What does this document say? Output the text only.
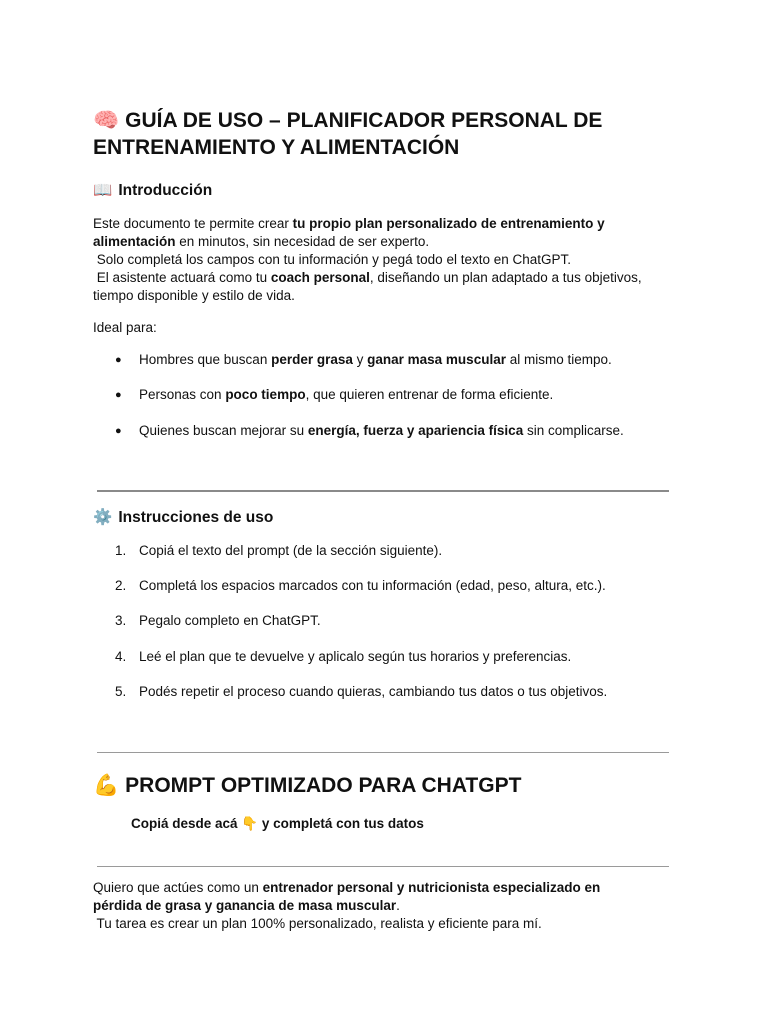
🧠 GUÍA DE USO – PLANIFICADOR PERSONAL DE
ENTRENAMIENTO Y ALIMENTACIÓN
📖 Introducción
Este documento te permite crear tu propio plan personalizado de entrenamiento y
alimentación en minutos, sin necesidad de ser experto.
Solo completá los campos con tu información y pegá todo el texto en ChatGPT.
El asistente actuará como tu coach personal, diseñando un plan adaptado a tus objetivos,
tiempo disponible y estilo de vida.
Ideal para:
● Hombres que buscan perder grasa y ganar masa muscular al mismo tiempo.
● Personas con poco tiempo, que quieren entrenar de forma eficiente.
● Quienes buscan mejorar su energía, fuerza y apariencia física sin complicarse.
⚙️ Instrucciones de uso
1. Copiá el texto del prompt (de la sección siguiente).
2. Completá los espacios marcados con tu información (edad, peso, altura, etc.).
3. Pegalo completo en ChatGPT.
4. Leé el plan que te devuelve y aplicalo según tus horarios y preferencias.
5. Podés repetir el proceso cuando quieras, cambiando tus datos o tus objetivos.
💪 PROMPT OPTIMIZADO PARA CHATGPT
Copiá desde acá 👇 y completá con tus datos
Quiero que actúes como un entrenador personal y nutricionista especializado en
pérdida de grasa y ganancia de masa muscular.
Tu tarea es crear un plan 100% personalizado, realista y eficiente para mí.
